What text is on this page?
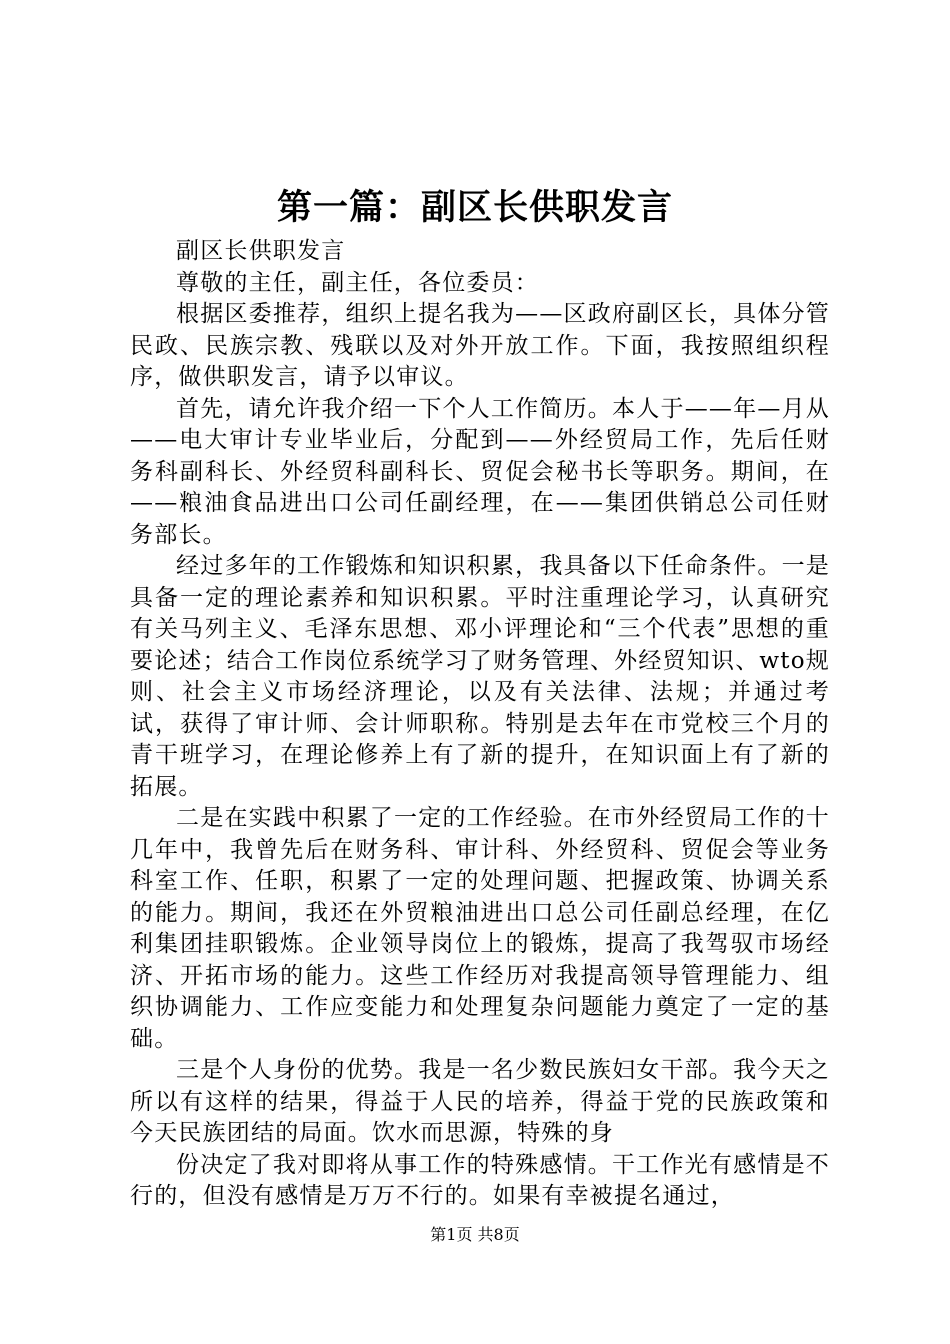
第一篇：副区长供职发言

副区长供职发言

尊敬的主任，副主任，各位委员：

根据区委推荐，组织上提名我为——区政府副区长，具体分管民政、民族宗教、残联以及对外开放工作。下面，我按照组织程序，做供职发言，请予以审议。

首先，请允许我介绍一下个人工作简历。本人于——年—月从——电大审计专业毕业后，分配到——外经贸局工作，先后任财务科副科长、外经贸科副科长、贸促会秘书长等职务。期间，在——粮油食品进出口公司任副经理，在——集团供销总公司任财务部长。

经过多年的工作锻炼和知识积累，我具备以下任命条件。一是具备一定的理论素养和知识积累。平时注重理论学习，认真研究有关马列主义、毛泽东思想、邓小评理论和“三个代表”思想的重要论述；结合工作岗位系统学习了财务管理、外经贸知识、wto规则、社会主义市场经济理论，以及有关法律、法规；并通过考试，获得了审计师、会计师职称。特别是去年在市党校三个月的青干班学习，在理论修养上有了新的提升，在知识面上有了新的拓展。

二是在实践中积累了一定的工作经验。在市外经贸局工作的十几年中，我曾先后在财务科、审计科、外经贸科、贸促会等业务科室工作、任职，积累了一定的处理问题、把握政策、协调关系的能力。期间，我还在外贸粮油进出口总公司任副总经理，在亿利集团挂职锻炼。企业领导岗位上的锻炼，提高了我驾驭市场经济、开拓市场的能力。这些工作经历对我提高领导管理能力、组织协调能力、工作应变能力和处理复杂问题能力奠定了一定的基础。

三是个人身份的优势。我是一名少数民族妇女干部。我今天之所以有这样的结果，得益于人民的培养，得益于党的民族政策和今天民族团结的局面。饮水而思源，特殊的身

份决定了我对即将从事工作的特殊感情。干工作光有感情是不行的，但没有感情是万万不行的。如果有幸被提名通过，

第1页 共8页
